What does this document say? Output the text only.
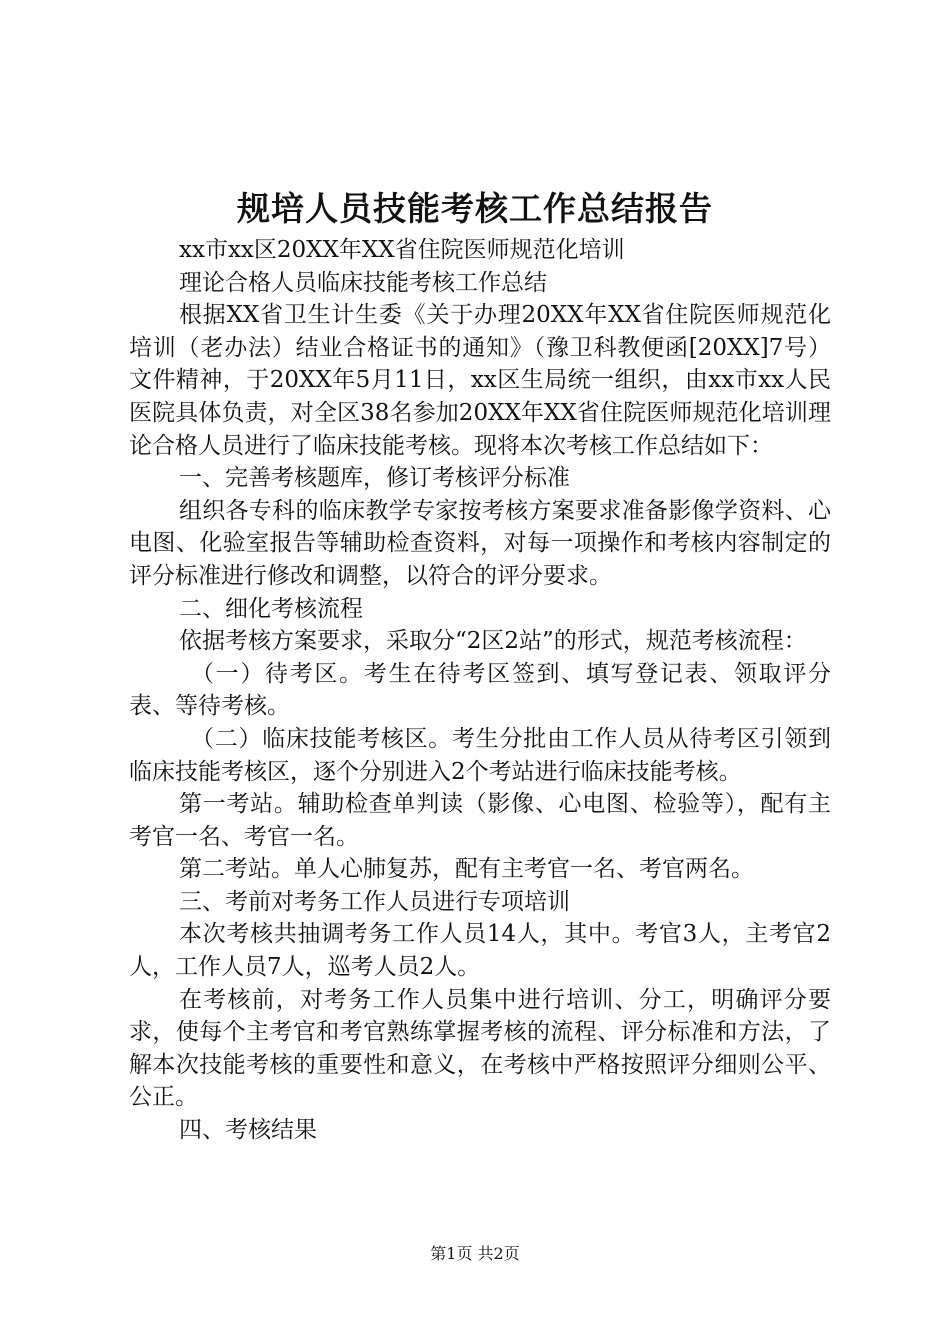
规培人员技能考核工作总结报告

xx市xx区20XX年XX省住院医师规范化培训

理论合格人员临床技能考核工作总结

根据XX省卫生计生委《关于办理20XX年XX省住院医师规范化培训（老办法）结业合格证书的通知》（豫卫科教便函[20XX]7号）文件精神，于20XX年5月11日，xx区生局统一组织，由xx市xx人民医院具体负责，对全区38名参加20XX年XX省住院医师规范化培训理论合格人员进行了临床技能考核。现将本次考核工作总结如下：

一、完善考核题库，修订考核评分标准

组织各专科的临床教学专家按考核方案要求准备影像学资料、心电图、化验室报告等辅助检查资料，对每一项操作和考核内容制定的评分标准进行修改和调整，以符合的评分要求。

二、细化考核流程

依据考核方案要求，采取分“2区2站”的形式，规范考核流程：

（一）待考区。考生在待考区签到、填写登记表、领取评分表、等待考核。

（二）临床技能考核区。考生分批由工作人员从待考区引领到临床技能考核区，逐个分别进入2个考站进行临床技能考核。

第一考站。辅助检查单判读（影像、心电图、检验等），配有主考官一名、考官一名。

第二考站。单人心肺复苏，配有主考官一名、考官两名。

三、考前对考务工作人员进行专项培训

本次考核共抽调考务工作人员14人，其中。考官3人，主考官2人，工作人员7人，巡考人员2人。

在考核前，对考务工作人员集中进行培训、分工，明确评分要求，使每个主考官和考官熟练掌握考核的流程、评分标准和方法，了解本次技能考核的重要性和意义，在考核中严格按照评分细则公平、公正。

四、考核结果

第1页 共2页
